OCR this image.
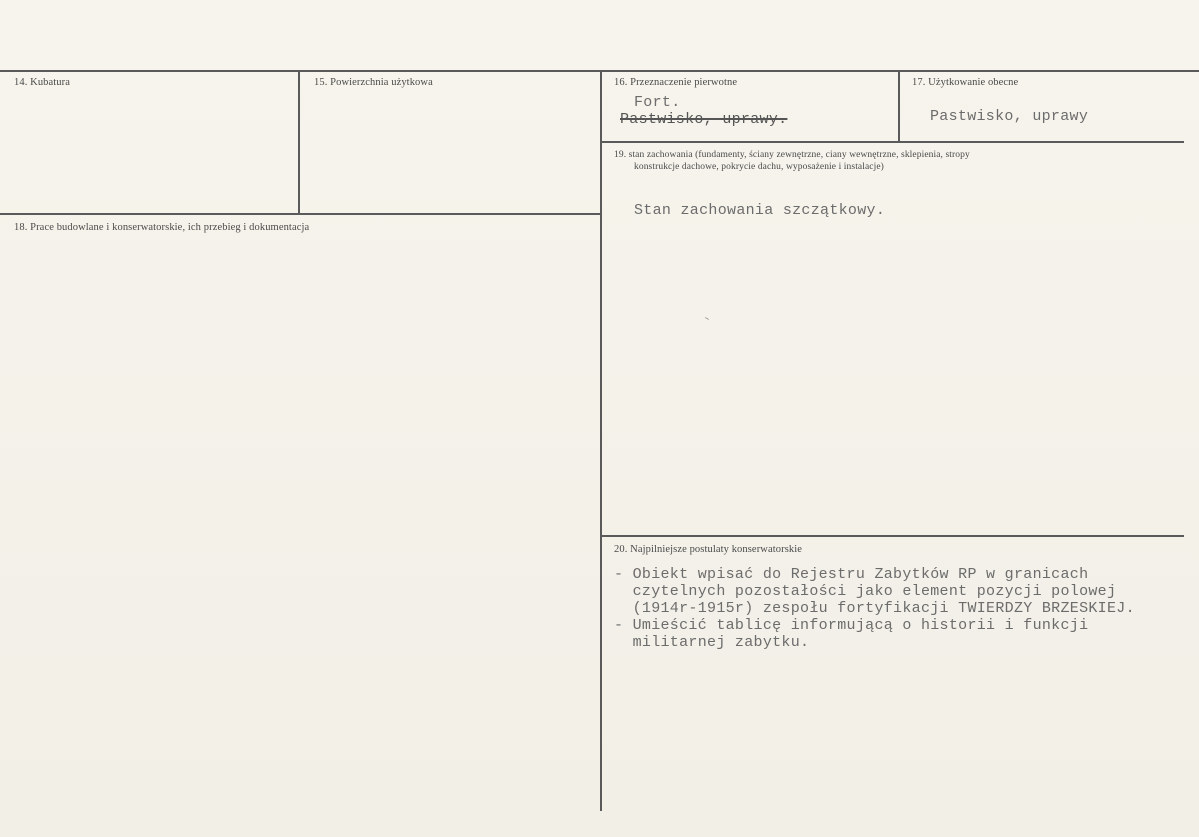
14. Kubatura	15. Powierzchnia użytkowa	16. Przeznaczenie pierwotne
Fort.
Pastwisko, uprawy.
17. Użytkowanie obecne
Pastwisko, uprawy
18. Prace budowlane i konserwatorskie, ich przebieg i dokumentacja
19. stan zachowania (fundamenty, ściany zewnętrzne, ciany wewnętrzne, sklepienia, stropy
konstrukcje dachowe, pokrycie dachu, wyposażenie i instalacje)
Stan zachowania szczątkowy.
20. Najpilniejsze postulaty konserwatorskie
- Obiekt wpisać do Rejestru Zabytków RP w granicach
czytelnych pozostałości jako element pozycji polowej
(1914r-1915r) zespołu fortyfikacji TWIERDZY BRZESKIEJ.
- Umieścić tablicę informującą o historii i funkcji
militarnej zabytku.
